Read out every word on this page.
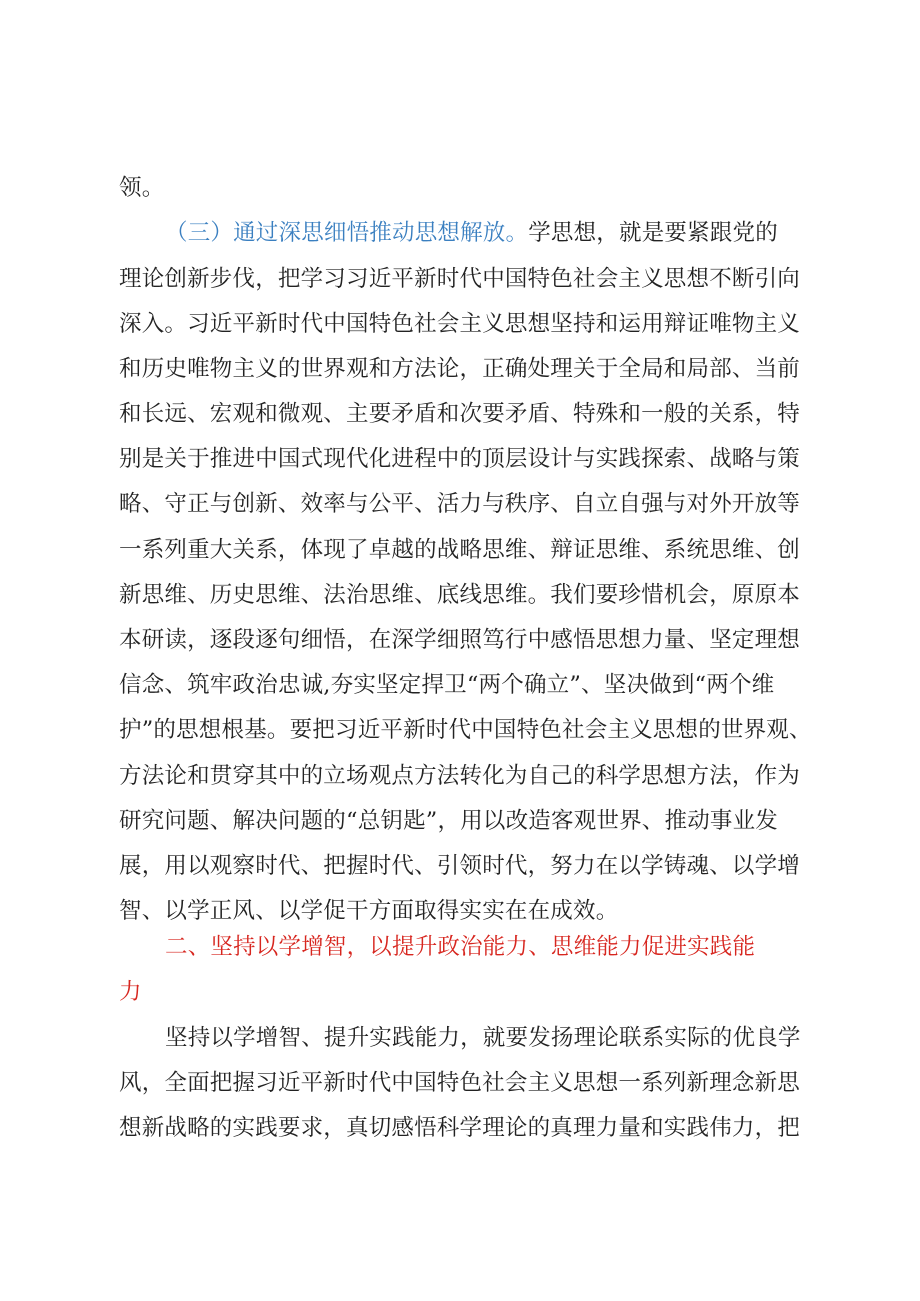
领。
（三）通过深思细悟推动思想解放。学思想，就是要紧跟党的
理论创新步伐，把学习习近平新时代中国特色社会主义思想不断引向
深入。习近平新时代中国特色社会主义思想坚持和运用辩证唯物主义
和历史唯物主义的世界观和方法论，正确处理关于全局和局部、当前
和长远、宏观和微观、主要矛盾和次要矛盾、特殊和一般的关系，特
别是关于推进中国式现代化进程中的顶层设计与实践探索、战略与策
略、守正与创新、效率与公平、活力与秩序、自立自强与对外开放等
一系列重大关系，体现了卓越的战略思维、辩证思维、系统思维、创
新思维、历史思维、法治思维、底线思维。我们要珍惜机会，原原本
本研读，逐段逐句细悟，在深学细照笃行中感悟思想力量、坚定理想
信念、筑牢政治忠诚,夯实坚定捍卫“两个确立”、坚决做到“两个维
护”的思想根基。要把习近平新时代中国特色社会主义思想的世界观、
方法论和贯穿其中的立场观点方法转化为自己的科学思想方法，作为
研究问题、解决问题的“总钥匙”，用以改造客观世界、推动事业发
展，用以观察时代、把握时代、引领时代，努力在以学铸魂、以学增
智、以学正风、以学促干方面取得实实在在成效。
二、坚持以学增智，以提升政治能力、思维能力促进实践能
力
坚持以学增智、提升实践能力，就要发扬理论联系实际的优良学
风，全面把握习近平新时代中国特色社会主义思想一系列新理念新思
想新战略的实践要求，真切感悟科学理论的真理力量和实践伟力，把
